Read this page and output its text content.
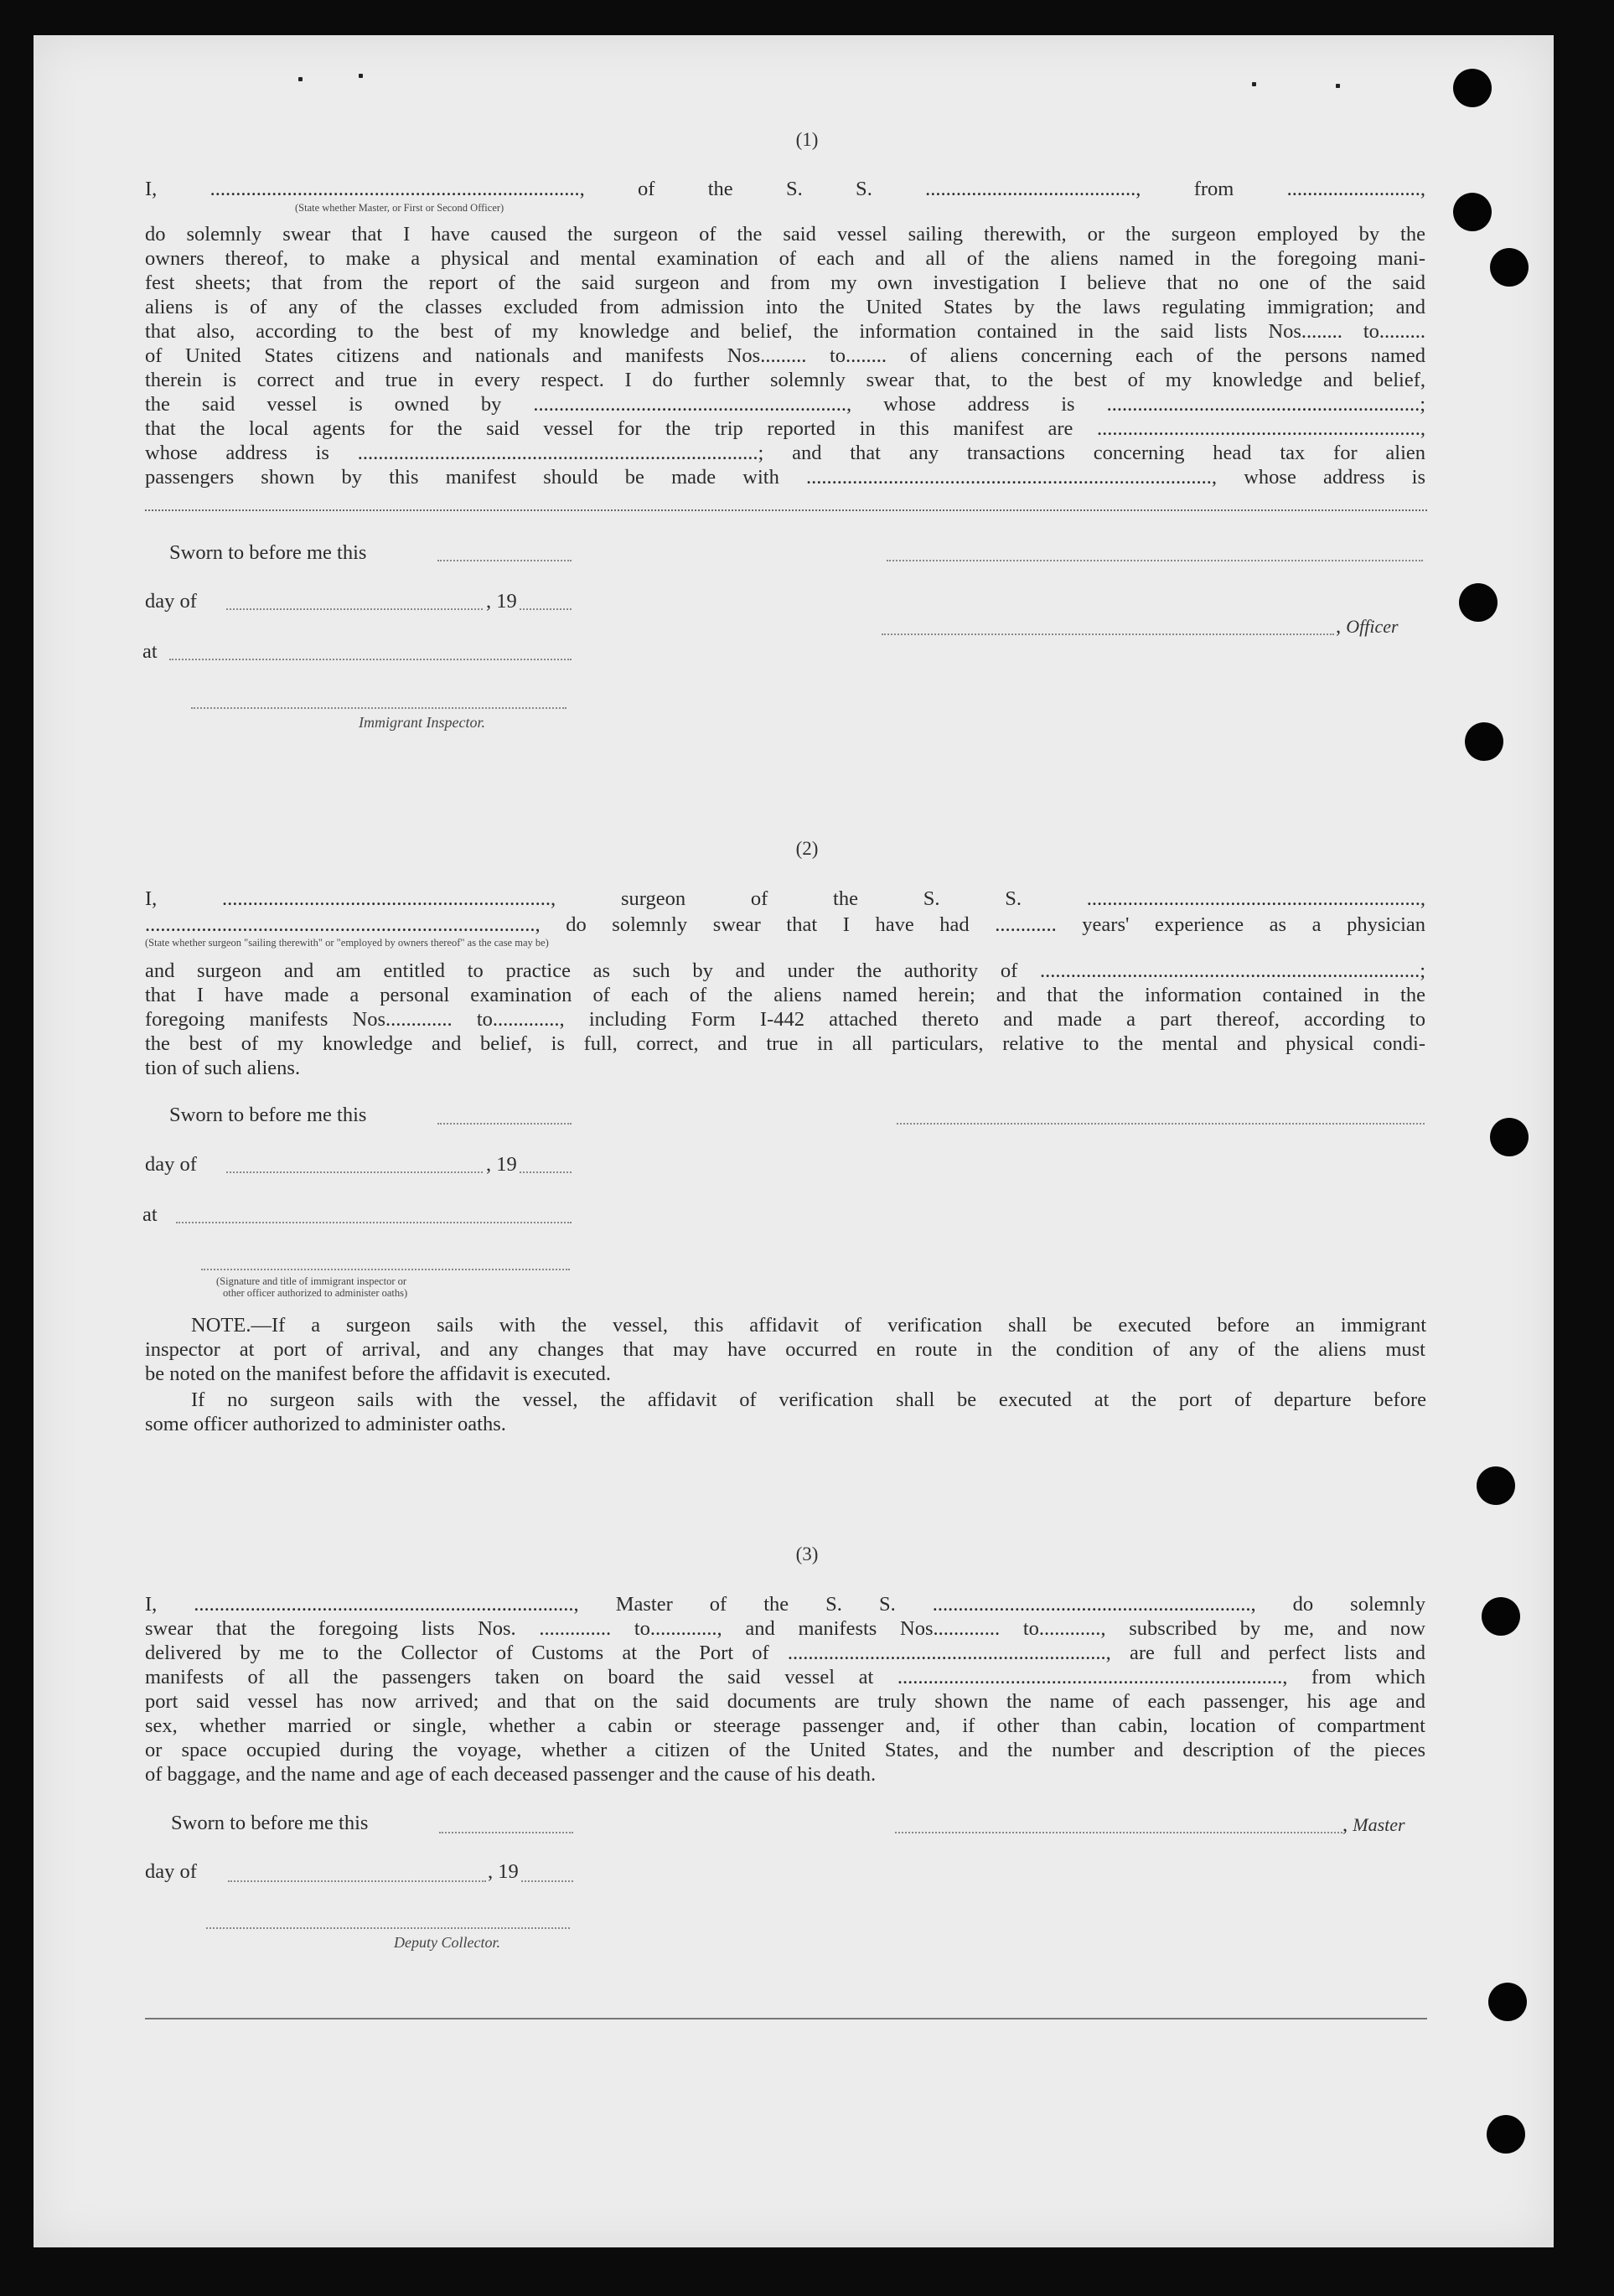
(1)
I, ........................................................................, of the S. S. ........................................., from ..........................,
(State whether Master, or First or Second Officer)
do solemnly swear that I have caused the surgeon of the said vessel sailing therewith, or the surgeon employed by the
owners thereof, to make a physical and mental examination of each and all of the aliens named in the foregoing mani-
fest sheets; that from the report of the said surgeon and from my own investigation I believe that no one of the said
aliens is of any of the classes excluded from admission into the United States by the laws regulating immigration; and
that also, according to the best of my knowledge and belief, the information contained in the said lists Nos........ to.........
of United States citizens and nationals and manifests Nos......... to........ of aliens concerning each of the persons named
therein is correct and true in every respect. I do further solemnly swear that, to the best of my knowledge and belief,
the said vessel is owned by ............................................................., whose address is .............................................................;
that the local agents for the said vessel for the trip reported in this manifest are ...............................................................,
whose address is ..............................................................................; and that any transactions concerning head tax for alien
passengers shown by this manifest should be made with ..............................................................................., whose address is
Sworn to before me this
day of	, 19
at
, Officer
Immigrant Inspector.
(2)
I, ................................................................, surgeon of the S. S. .................................................................,
............................................................................, do solemnly swear that I have had ............ years' experience as a physician
(State whether surgeon "sailing therewith" or "employed by owners thereof" as the case may be)
and surgeon and am entitled to practice as such by and under the authority of ..........................................................................;
that I have made a personal examination of each of the aliens named herein; and that the information contained in the
foregoing manifests Nos............. to............., including Form I-442 attached thereto and made a part thereof, according to
the best of my knowledge and belief, is full, correct, and true in all particulars, relative to the mental and physical condi-
tion of such aliens.
Sworn to before me this
day of	, 19
at
(Signature and title of immigrant inspector or
other officer authorized to administer oaths)
NOTE.—If a surgeon sails with the vessel, this affidavit of verification shall be executed before an immigrant
inspector at port of arrival, and any changes that may have occurred en route in the condition of any of the aliens must
be noted on the manifest before the affidavit is executed.
If no surgeon sails with the vessel, the affidavit of verification shall be executed at the port of departure before
some officer authorized to administer oaths.
(3)
I, .........................................................................., Master of the S. S. .............................................................., do solemnly
swear that the foregoing lists Nos. .............. to............., and manifests Nos............. to............, subscribed by me, and now
delivered by me to the Collector of Customs at the Port of .............................................................., are full and perfect lists and
manifests of all the passengers taken on board the said vessel at ..........................................................................., from which
port said vessel has now arrived; and that on the said documents are truly shown the name of each passenger, his age and
sex, whether married or single, whether a cabin or steerage passenger and, if other than cabin, location of compartment
or space occupied during the voyage, whether a citizen of the United States, and the number and description of the pieces
of baggage, and the name and age of each deceased passenger and the cause of his death.
Sworn to before me this	, Master
day of	, 19
Deputy Collector.
